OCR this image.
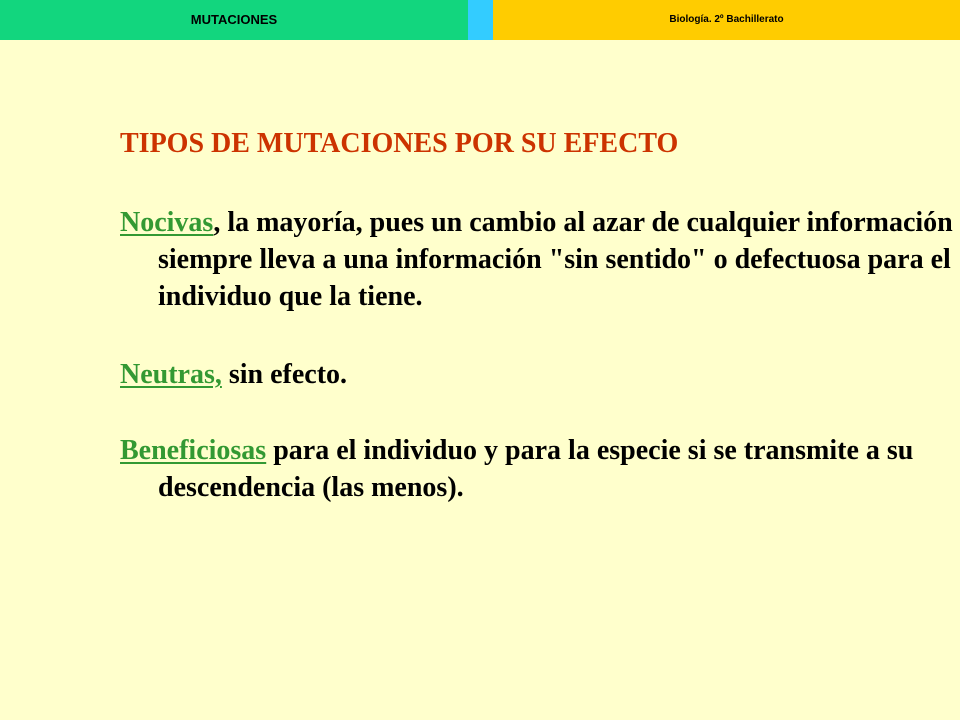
MUTACIONES	Biología. 2º Bachillerato
TIPOS DE MUTACIONES POR SU EFECTO

Nocivas, la mayoría, pues un cambio al azar de cualquier información siempre lleva a una información "sin sentido" o defectuosa para el individuo que la tiene.

Neutras, sin efecto.

Beneficiosas para el individuo y para la especie si se transmite a su descendencia (las menos).
